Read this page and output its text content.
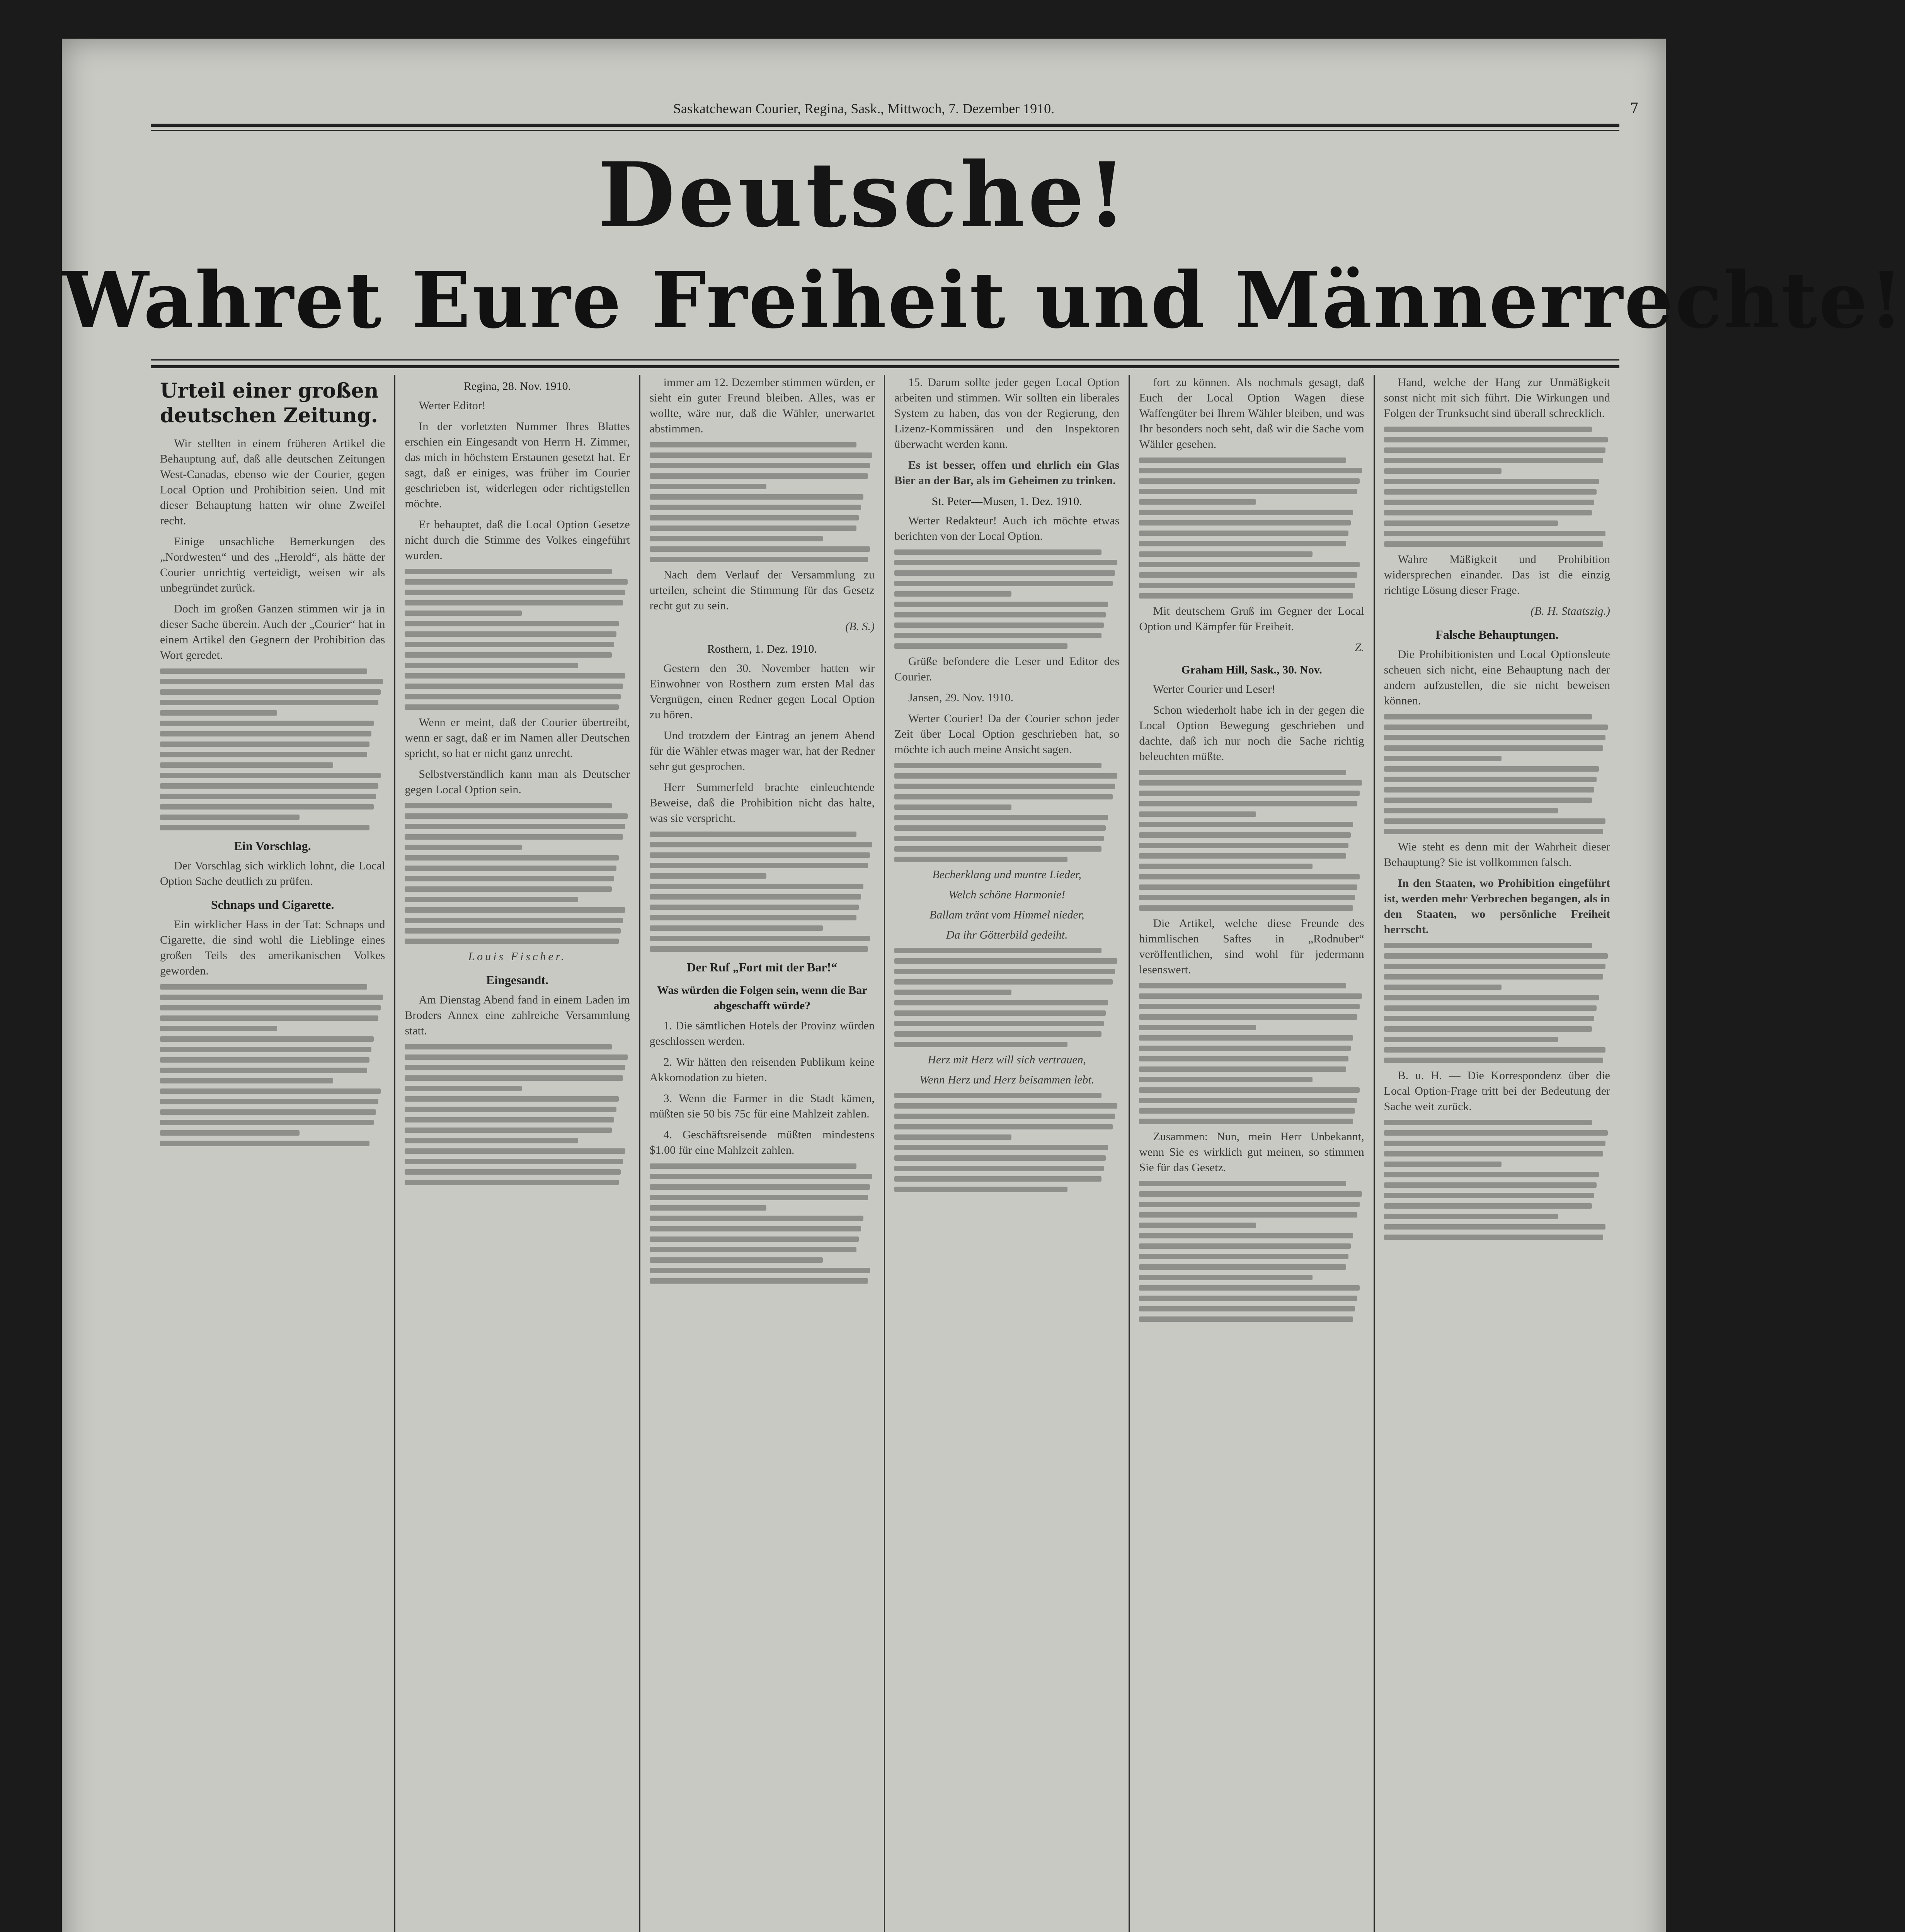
Saskatchewan Courier, Regina, Sask., Mittwoch, 7. Dezember 1910.	7
Deutsche!
Wahret Eure Freiheit und Männerrechte!
Urteil einer großen deutschen Zeitung.

Wir stellten in einem früheren Artikel die Behauptung auf, daß alle deutschen Zeitungen West-Canadas, ebenso wie der Courier, gegen Local Option und Prohibition seien. Und mit dieser Behauptung hatten wir ohne Zweifel recht.

Einige unsachliche Bemerkungen des „Nordwesten“ und des „Herold“, als hätte der Courier unrichtig verteidigt, weisen wir als unbegründet zurück.

Doch im großen Ganzen stimmen wir ja in dieser Sache überein. Auch der „Courier“ hat in einem Artikel den Gegnern der Prohibition das Wort geredet.

Ein Vorschlag.

Der Vorschlag sich wirklich lohnt, die Local Option Sache deutlich zu prüfen.

Schnaps und Cigarette.

Ein wirklicher Hass in der Tat: Schnaps und Cigarette, die sind wohl die Lieblinge eines großen Teils des amerikanischen Volkes geworden.

Regina, 28. Nov. 1910.

Werter Editor!

In der vorletzten Nummer Ihres Blattes erschien ein Eingesandt von Herrn H. Zimmer, das mich in höchstem Erstaunen gesetzt hat. Er sagt, daß er einiges, was früher im Courier geschrieben ist, widerlegen oder richtigstellen möchte.

Er behauptet, daß die Local Option Gesetze nicht durch die Stimme des Volkes eingeführt wurden.

Wenn er meint, daß der Courier übertreibt, wenn er sagt, daß er im Namen aller Deutschen spricht, so hat er nicht ganz unrecht.

Selbstverständlich kann man als Deutscher gegen Local Option sein.

Louis Fischer.
Eingesandt.

Am Dienstag Abend fand in einem Laden im Broders Annex eine zahlreiche Versammlung statt.

immer am 12. Dezember stimmen würden, er sieht ein guter Freund bleiben. Alles, was er wollte, wäre nur, daß die Wähler, unerwartet abstimmen.

Nach dem Verlauf der Versammlung zu urteilen, scheint die Stimmung für das Gesetz recht gut zu sein.

(B. S.)
Rosthern, 1. Dez. 1910.

Gestern den 30. November hatten wir Einwohner von Rosthern zum ersten Mal das Vergnügen, einen Redner gegen Local Option zu hören.

Und trotzdem der Eintrag an jenem Abend für die Wähler etwas mager war, hat der Redner sehr gut gesprochen.

Herr Summerfeld brachte einleuchtende Beweise, daß die Prohibition nicht das halte, was sie verspricht.

Der Ruf „Fort mit der Bar!“
Was würden die Folgen sein, wenn die Bar abgeschafft würde?

1. Die sämtlichen Hotels der Provinz würden geschlossen werden.

2. Wir hätten den reisenden Publikum keine Akkomodation zu bieten.

3. Wenn die Farmer in die Stadt kämen, müßten sie 50 bis 75c für eine Mahlzeit zahlen.

4. Geschäftsreisende müßten mindestens $1.00 für eine Mahlzeit zahlen.

15. Darum sollte jeder gegen Local Option arbeiten und stimmen. Wir sollten ein liberales System zu haben, das von der Regierung, den Lizenz-Kommissären und den Inspektoren überwacht werden kann.

Es ist besser, offen und ehrlich ein Glas Bier an der Bar, als im Geheimen zu trinken.

St. Peter—Musen, 1. Dez. 1910.

Werter Redakteur! Auch ich möchte etwas berichten von der Local Option.

Grüße befondere die Leser und Editor des Courier.

Jansen, 29. Nov. 1910.

Werter Courier! Da der Courier schon jeder Zeit über Local Option geschrieben hat, so möchte ich auch meine Ansicht sagen.

Becherklang und muntre Lieder,
Welch schöne Harmonie!
Ballam tränt vom Himmel nieder,
Da ihr Götterbild gedeiht.
Herz mit Herz will sich vertrauen,
Wenn Herz und Herz beisammen lebt.

fort zu können. Als nochmals gesagt, daß Euch der Local Option Wagen diese Waffengüter bei Ihrem Wähler bleiben, und was Ihr besonders noch seht, daß wir die Sache vom Wähler gesehen.

Mit deutschem Gruß im Gegner der Local Option und Kämpfer für Freiheit.

Z.
Graham Hill, Sask., 30. Nov.

Werter Courier und Leser!

Schon wiederholt habe ich in der gegen die Local Option Bewegung geschrieben und dachte, daß ich nur noch die Sache richtig beleuchten müßte.

Die Artikel, welche diese Freunde des himmlischen Saftes in „Rodnuber“ veröffentlichen, sind wohl für jedermann lesenswert.

Zusammen: Nun, mein Herr Unbekannt, wenn Sie es wirklich gut meinen, so stimmen Sie für das Gesetz.

Hand, welche der Hang zur Unmäßigkeit sonst nicht mit sich führt. Die Wirkungen und Folgen der Trunksucht sind überall schrecklich.

Wahre Mäßigkeit und Prohibition widersprechen einander. Das ist die einzig richtige Lösung dieser Frage.

(B. H. Staatszig.)
Falsche Behauptungen.

Die Prohibitionisten und Local Optionsleute scheuen sich nicht, eine Behauptung nach der andern aufzustellen, die sie nicht beweisen können.

Wie steht es denn mit der Wahrheit dieser Behauptung? Sie ist vollkommen falsch.

In den Staaten, wo Prohibition eingeführt ist, werden mehr Verbrechen begangen, als in den Staaten, wo persönliche Freiheit herrscht.

B. u. H. — Die Korrespondenz über die Local Option-Frage tritt bei der Bedeutung der Sache weit zurück.
